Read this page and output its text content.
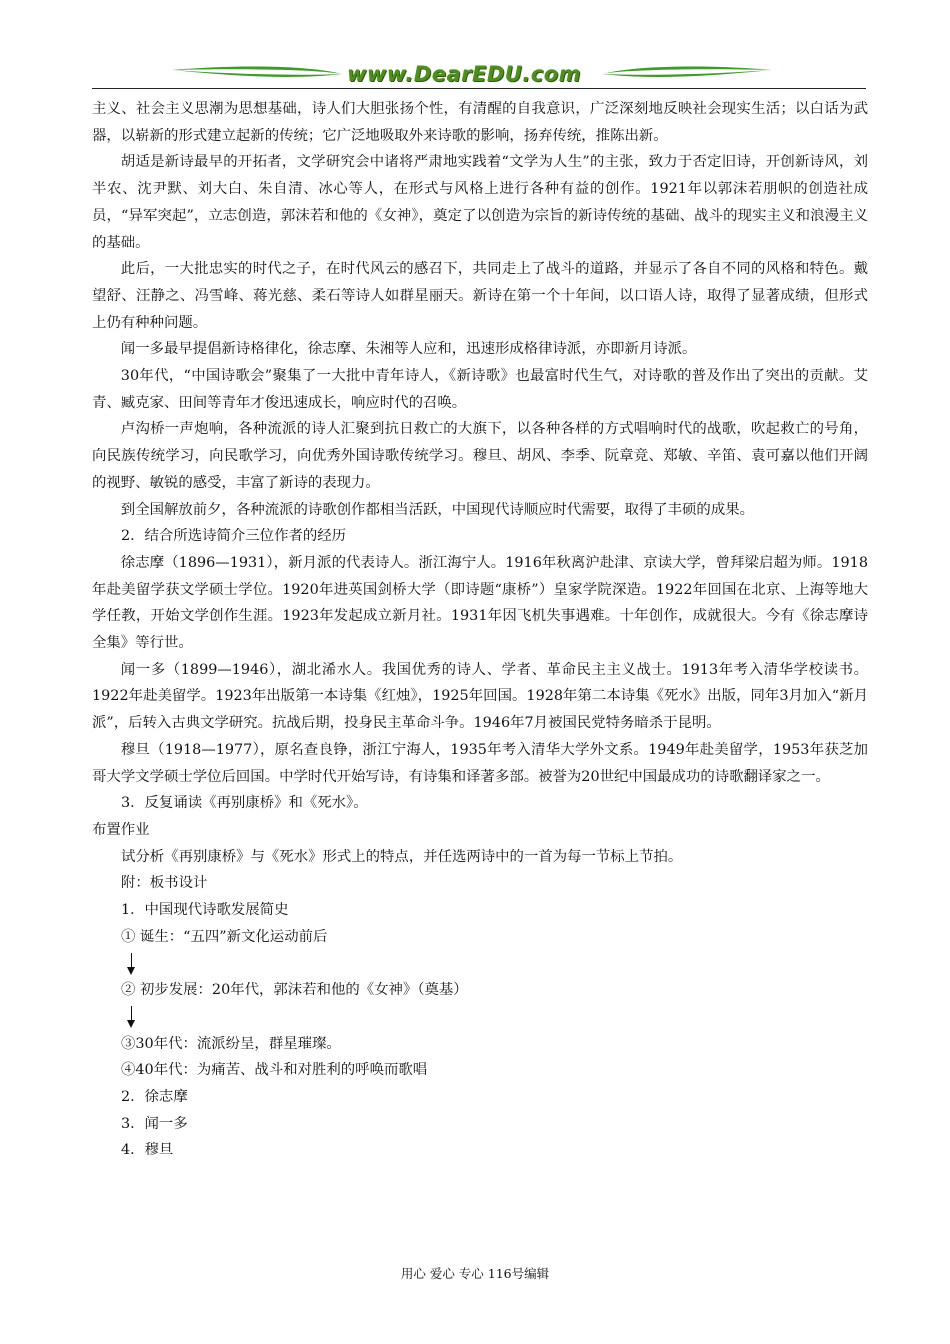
www.DearEDU.com

主义、社会主义思潮为思想基础，诗人们大胆张扬个性，有清醒的自我意识，广泛深刻地反映社会现实生活；以白话为武器，以崭新的形式建立起新的传统；它广泛地吸取外来诗歌的影响，扬弃传统，推陈出新。

胡适是新诗最早的开拓者，文学研究会中诸将严肃地实践着“文学为人生”的主张，致力于否定旧诗，开创新诗风，刘半农、沈尹默、刘大白、朱自清、冰心等人，在形式与风格上进行各种有益的创作。1921年以郭沫若朋帜的创造社成员，“异军突起”，立志创造，郭沫若和他的《女神》，奠定了以创造为宗旨的新诗传统的基础、战斗的现实主义和浪漫主义的基础。

此后，一大批忠实的时代之子，在时代风云的感召下，共同走上了战斗的道路，并显示了各自不同的风格和特色。戴望舒、汪静之、冯雪峰、蒋光慈、柔石等诗人如群星丽天。新诗在第一个十年间，以口语人诗，取得了显著成绩，但形式上仍有种种问题。

闻一多最早提倡新诗格律化，徐志摩、朱湘等人应和，迅速形成格律诗派，亦即新月诗派。

30年代，“中国诗歌会”聚集了一大批中青年诗人，《新诗歌》也最富时代生气，对诗歌的普及作出了突出的贡献。艾青、臧克家、田间等青年才俊迅速成长，响应时代的召唤。

卢沟桥一声炮响，各种流派的诗人汇聚到抗日救亡的大旗下，以各种各样的方式唱响时代的战歌，吹起救亡的号角，向民族传统学习，向民歌学习，向优秀外国诗歌传统学习。穆旦、胡风、李季、阮章竞、郑敏、辛笛、袁可嘉以他们开阔的视野、敏锐的感受，丰富了新诗的表现力。

到全国解放前夕，各种流派的诗歌创作都相当活跃，中国现代诗顺应时代需要，取得了丰硕的成果。

2．结合所选诗简介三位作者的经历

徐志摩（1896—1931），新月派的代表诗人。浙江海宁人。1916年秋离沪赴津、京读大学，曾拜梁启超为师。1918年赴美留学获文学硕士学位。1920年进英国剑桥大学（即诗题“康桥”）皇家学院深造。1922年回国在北京、上海等地大学任教，开始文学创作生涯。1923年发起成立新月社。1931年因飞机失事遇难。十年创作，成就很大。今有《徐志摩诗全集》等行世。

闻一多（1899—1946），湖北浠水人。我国优秀的诗人、学者、革命民主主义战士。1913年考入清华学校读书。1922年赴美留学。1923年出版第一本诗集《红烛》，1925年回国。1928年第二本诗集《死水》出版，同年3月加入“新月派”，后转入古典文学研究。抗战后期，投身民主革命斗争。1946年7月被国民党特务暗杀于昆明。

穆旦（1918—1977），原名查良铮，浙江宁海人，1935年考入清华大学外文系。1949年赴美留学，1953年获芝加哥大学文学硕士学位后回国。中学时代开始写诗，有诗集和译著多部。被誉为20世纪中国最成功的诗歌翻译家之一。

3．反复诵读《再别康桥》和《死水》。

布置作业

试分析《再别康桥》与《死水》形式上的特点，并任选两诗中的一首为每一节标上节拍。

附：板书设计

1．中国现代诗歌发展简史

① 诞生：“五四”新文化运动前后

② 初步发展：20年代，郭沫若和他的《女神》（奠基）

③30年代：流派纷呈，群星璀璨。

④40年代：为痛苦、战斗和对胜利的呼唤而歌唱

2．徐志摩

3．闻一多

4．穆旦

用心 爱心 专心 116号编辑
